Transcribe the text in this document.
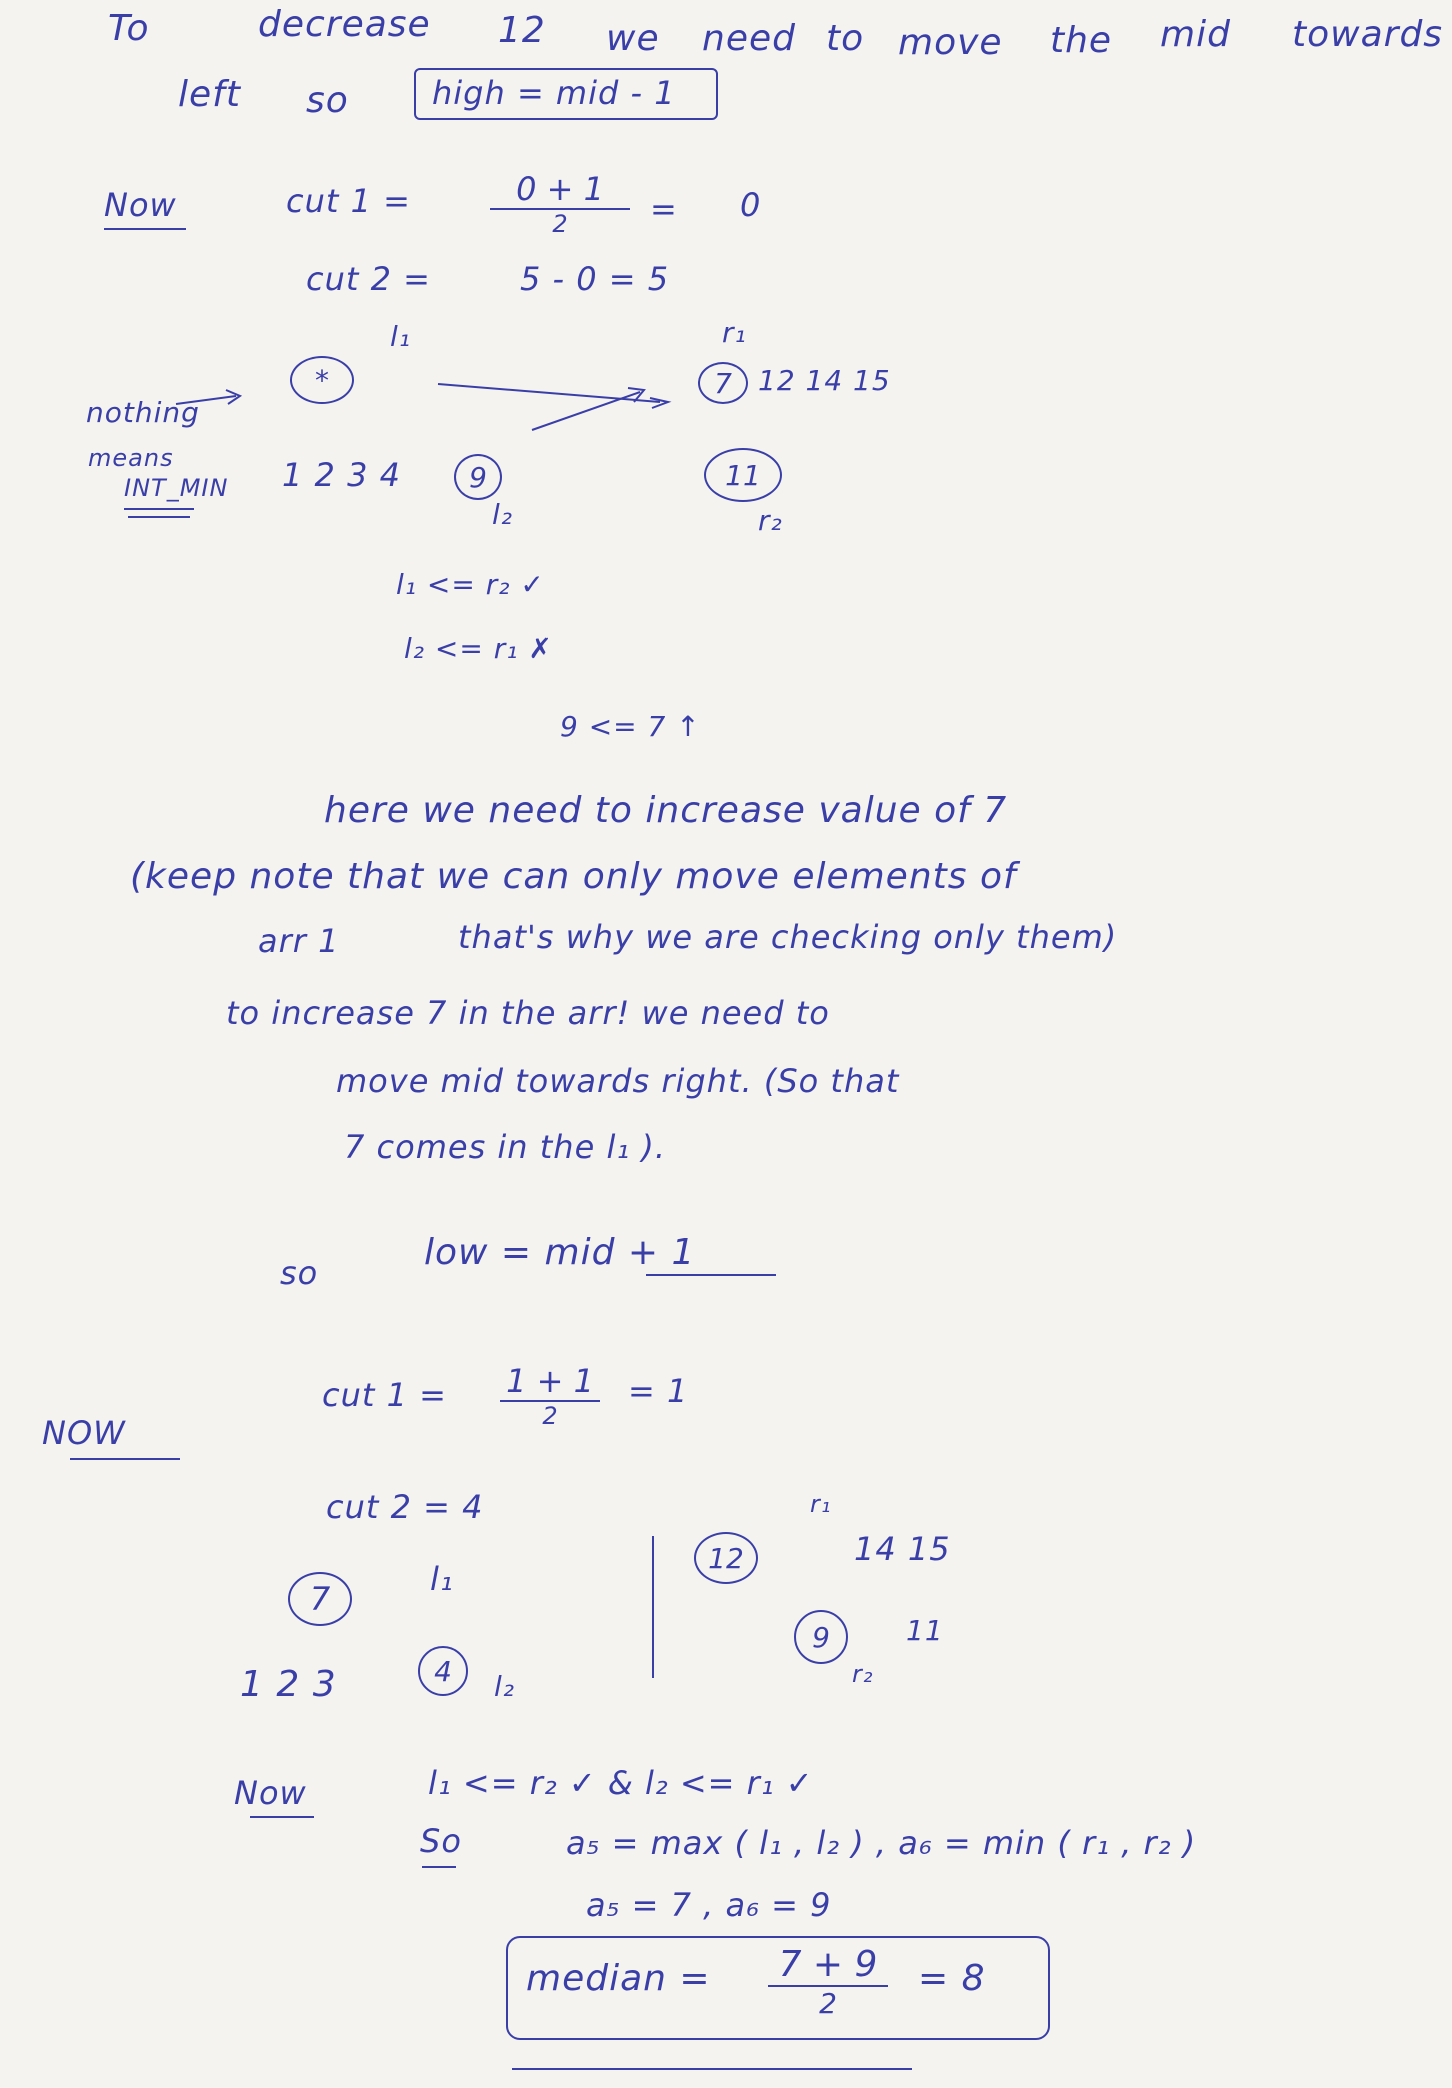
To	decrease 12 we need to move the mid towards
left so	high = mid - 1
Now	cut 1 =	0 + 1
2	= 0
cut 2 =	5 - 0 = 5
l₁	r₁
*	7 12 14 15
nothing
means
INT_MIN 1 2 3 4 9	11
l₂	r₂
l₁ <= r₂ ✓
l₂ <= r₁ ✗
9 <= 7 ↑
here we need to increase value of 7
(keep note that we can only move elements of
arr 1	that's why we are checking only them)
to increase 7 in the arr! we need to
move mid towards right. (So that
7 comes in the l₁ ).
so	low = mid + 1
NOW
cut 1 = 1 + 1
2
= 1
cut 2 = 4
7
l₁
r₁
12	14 15
1 2 3	4 l₂
9	11
r₂
Now	l₁ <= r₂ ✓ & l₂ <= r₁ ✓
So	a₅ = max ( l₁ , l₂ ) , a₆ = min ( r₁ , r₂ )
a₅ = 7 , a₆ = 9
median = 7 + 9
2
= 8
